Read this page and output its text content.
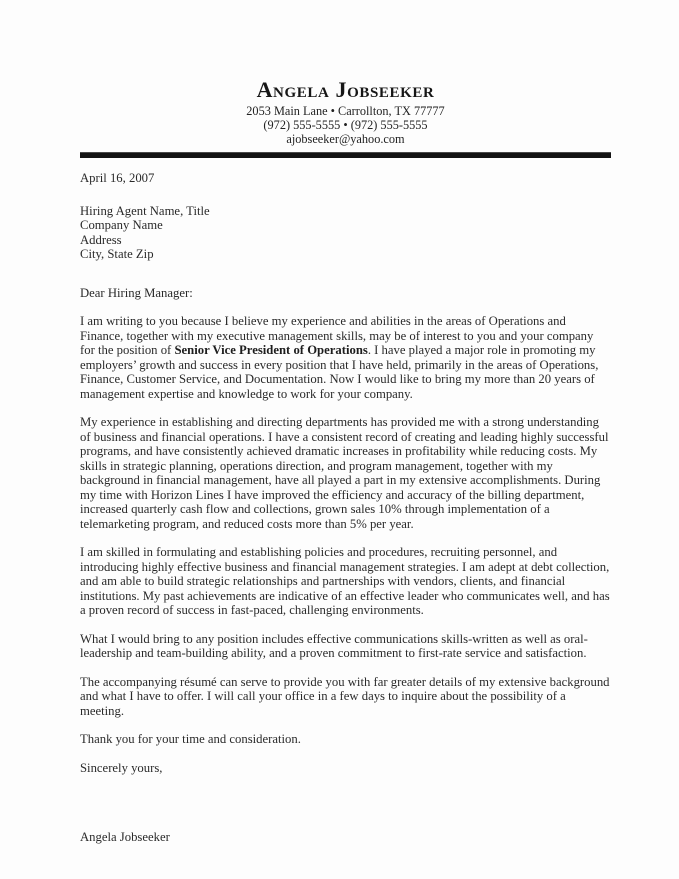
Angela Jobseeker
2053 Main Lane • Carrollton, TX 77777
(972) 555-5555 • (972) 555-5555
ajobseeker@yahoo.com
April 16, 2007
Hiring Agent Name, Title
Company Name
Address
City, State Zip

Dear Hiring Manager:

I am writing to you because I believe my experience and abilities in the areas of Operations and Finance, together with my executive management skills, may be of interest to you and your company for the position of Senior Vice President of Operations. I have played a major role in promoting my employers’ growth and success in every position that I have held, primarily in the areas of Operations, Finance, Customer Service, and Documentation. Now I would like to bring my more than 20 years of management expertise and knowledge to work for your company.

My experience in establishing and directing departments has provided me with a strong understanding of business and financial operations. I have a consistent record of creating and leading highly successful programs, and have consistently achieved dramatic increases in profitability while reducing costs. My skills in strategic planning, operations direction, and program management, together with my background in financial management, have all played a part in my extensive accomplishments. During my time with Horizon Lines I have improved the efficiency and accuracy of the billing department, increased quarterly cash flow and collections, grown sales 10% through implementation of a telemarketing program, and reduced costs more than 5% per year.

I am skilled in formulating and establishing policies and procedures, recruiting personnel, and introducing highly effective business and financial management strategies. I am adept at debt collection, and am able to build strategic relationships and partnerships with vendors, clients, and financial institutions. My past achievements are indicative of an effective leader who communicates well, and has a proven record of success in fast-paced, challenging environments.

What I would bring to any position includes effective communications skills-written as well as oral-leadership and team-building ability, and a proven commitment to first-rate service and satisfaction.

The accompanying résumé can serve to provide you with far greater details of my extensive background and what I have to offer. I will call your office in a few days to inquire about the possibility of a meeting.

Thank you for your time and consideration.

Sincerely yours,

Angela Jobseeker
